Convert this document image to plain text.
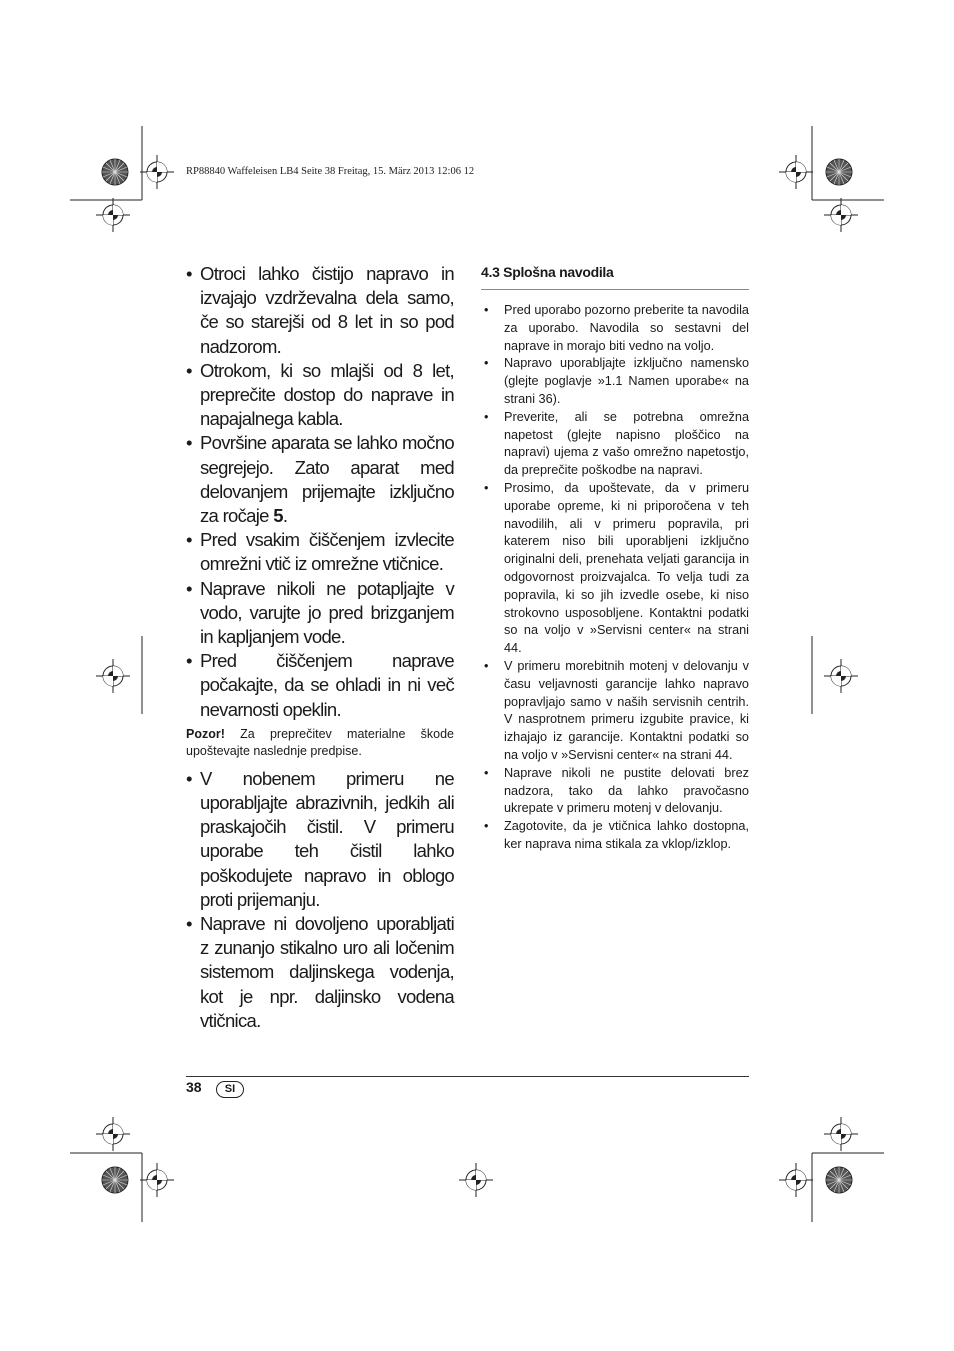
RP88840 Waffeleisen LB4 Seite 38 Freitag, 15. März 2013 12:06 12
• Otroci lahko čistijo napravo in izvajajo vzdrževalna dela samo, če so starejši od 8 let in so pod nadzorom.
• Otrokom, ki so mlajši od 8 let, preprečite dostop do naprave in napajalnega kabla.
• Površine aparata se lahko močno segrejejo. Zato aparat med delovanjem prijemajte izključno za ročaje 5.
• Pred vsakim čiščenjem izvlecite omrežni vtič iz omrežne vtičnice.
• Naprave nikoli ne potapljajte v vodo, varujte jo pred brizganjem in kapljanjem vode.
• Pred čiščenjem naprave počakajte, da se ohladi in ni več nevarnosti opeklin.
Pozor! Za preprečitev materialne škode upoštevajte naslednje predpise.
• V nobenem primeru ne uporabljajte abrazivnih, jedkih ali praskajočih čistil. V primeru uporabe teh čistil lahko poškodujete napravo in oblogo proti prijemanju.
• Naprave ni dovoljeno uporabljati z zunanjo stikalno uro ali ločenim sistemom daljinskega vodenja, kot je npr. daljinsko vodena vtičnica.
4.3 Splošna navodila
• Pred uporabo pozorno preberite ta navodila za uporabo. Navodila so sestavni del naprave in morajo biti vedno na voljo.
• Napravo uporabljajte izključno namensko (glejte poglavje »1.1 Namen uporabe« na strani 36).
• Preverite, ali se potrebna omrežna napetost (glejte napisno ploščico na napravi) ujema z vašo omrežno napetostjo, da preprečite poškodbe na napravi.
• Prosimo, da upoštevate, da v primeru uporabe opreme, ki ni priporočena v teh navodilih, ali v primeru popravila, pri katerem niso bili uporabljeni izključno originalni deli, prenehata veljati garancija in odgovornost proizvajalca. To velja tudi za popravila, ki so jih izvedle osebe, ki niso strokovno usposobljene. Kontaktni podatki so na voljo v »Servisni center« na strani 44.
• V primeru morebitnih motenj v delovanju v času veljavnosti garancije lahko napravo popravljajo samo v naših servisnih centrih. V nasprotnem primeru izgubite pravice, ki izhajajo iz garancije. Kontaktni podatki so na voljo v »Servisni center« na strani 44.
• Naprave nikoli ne pustite delovati brez nadzora, tako da lahko pravočasno ukrepate v primeru motenj v delovanju.
• Zagotovite, da je vtičnica lahko dostopna, ker naprava nima stikala za vklop/izklop.
38	SI
